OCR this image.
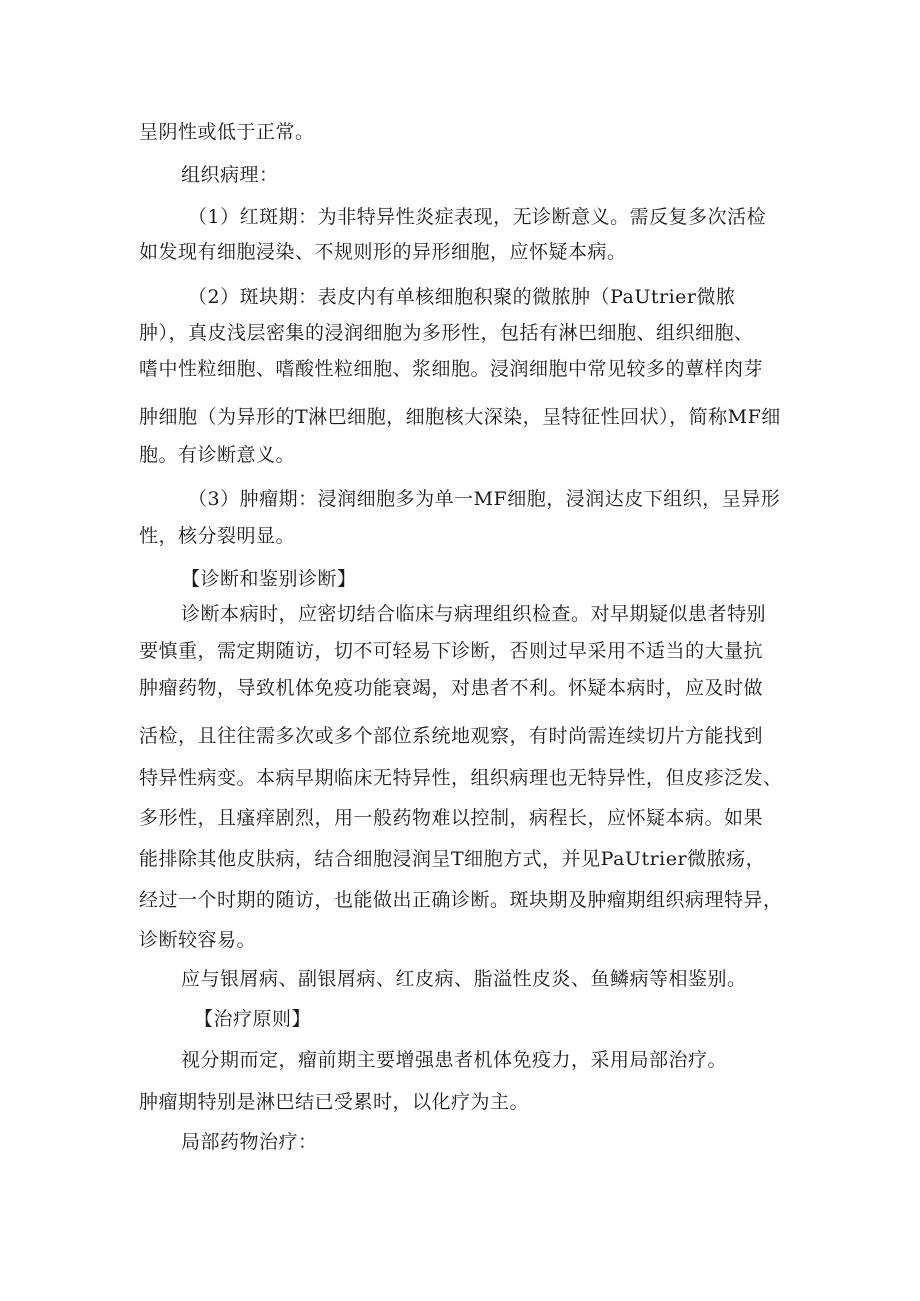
呈阴性或低于正常。
组织病理：
（1）红斑期：为非特异性炎症表现，无诊断意义。需反复多次活检
如发现有细胞浸染、不规则形的异形细胞，应怀疑本病。
（2）斑块期：表皮内有单核细胞积聚的微脓肿（PaUtrier微脓
肿），真皮浅层密集的浸润细胞为多形性，包括有淋巴细胞、组织细胞、
嗜中性粒细胞、嗜酸性粒细胞、浆细胞。浸润细胞中常见较多的蕈样肉芽
肿细胞（为异形的T淋巴细胞，细胞核大深染，呈特征性回状），简称MF细
胞。有诊断意义。
（3）肿瘤期：浸润细胞多为单一MF细胞，浸润达皮下组织，呈异形
性，核分裂明显。
【诊断和鉴别诊断】
诊断本病时，应密切结合临床与病理组织检查。对早期疑似患者特别
要慎重，需定期随访，切不可轻易下诊断，否则过早采用不适当的大量抗
肿瘤药物，导致机体免疫功能衰竭，对患者不利。怀疑本病时，应及时做
活检，且往往需多次或多个部位系统地观察，有时尚需连续切片方能找到
特异性病变。本病早期临床无特异性，组织病理也无特异性，但皮疹泛发、
多形性，且瘙痒剧烈，用一般药物难以控制，病程长，应怀疑本病。如果
能排除其他皮肤病，结合细胞浸润呈T细胞方式，并见PaUtrier微脓疡，
经过一个时期的随访，也能做出正确诊断。斑块期及肿瘤期组织病理特异，
诊断较容易。
应与银屑病、副银屑病、红皮病、脂溢性皮炎、鱼鳞病等相鉴别。
【治疗原则】
视分期而定，瘤前期主要增强患者机体免疫力，采用局部治疗。
肿瘤期特别是淋巴结已受累时，以化疗为主。
局部药物治疗：
